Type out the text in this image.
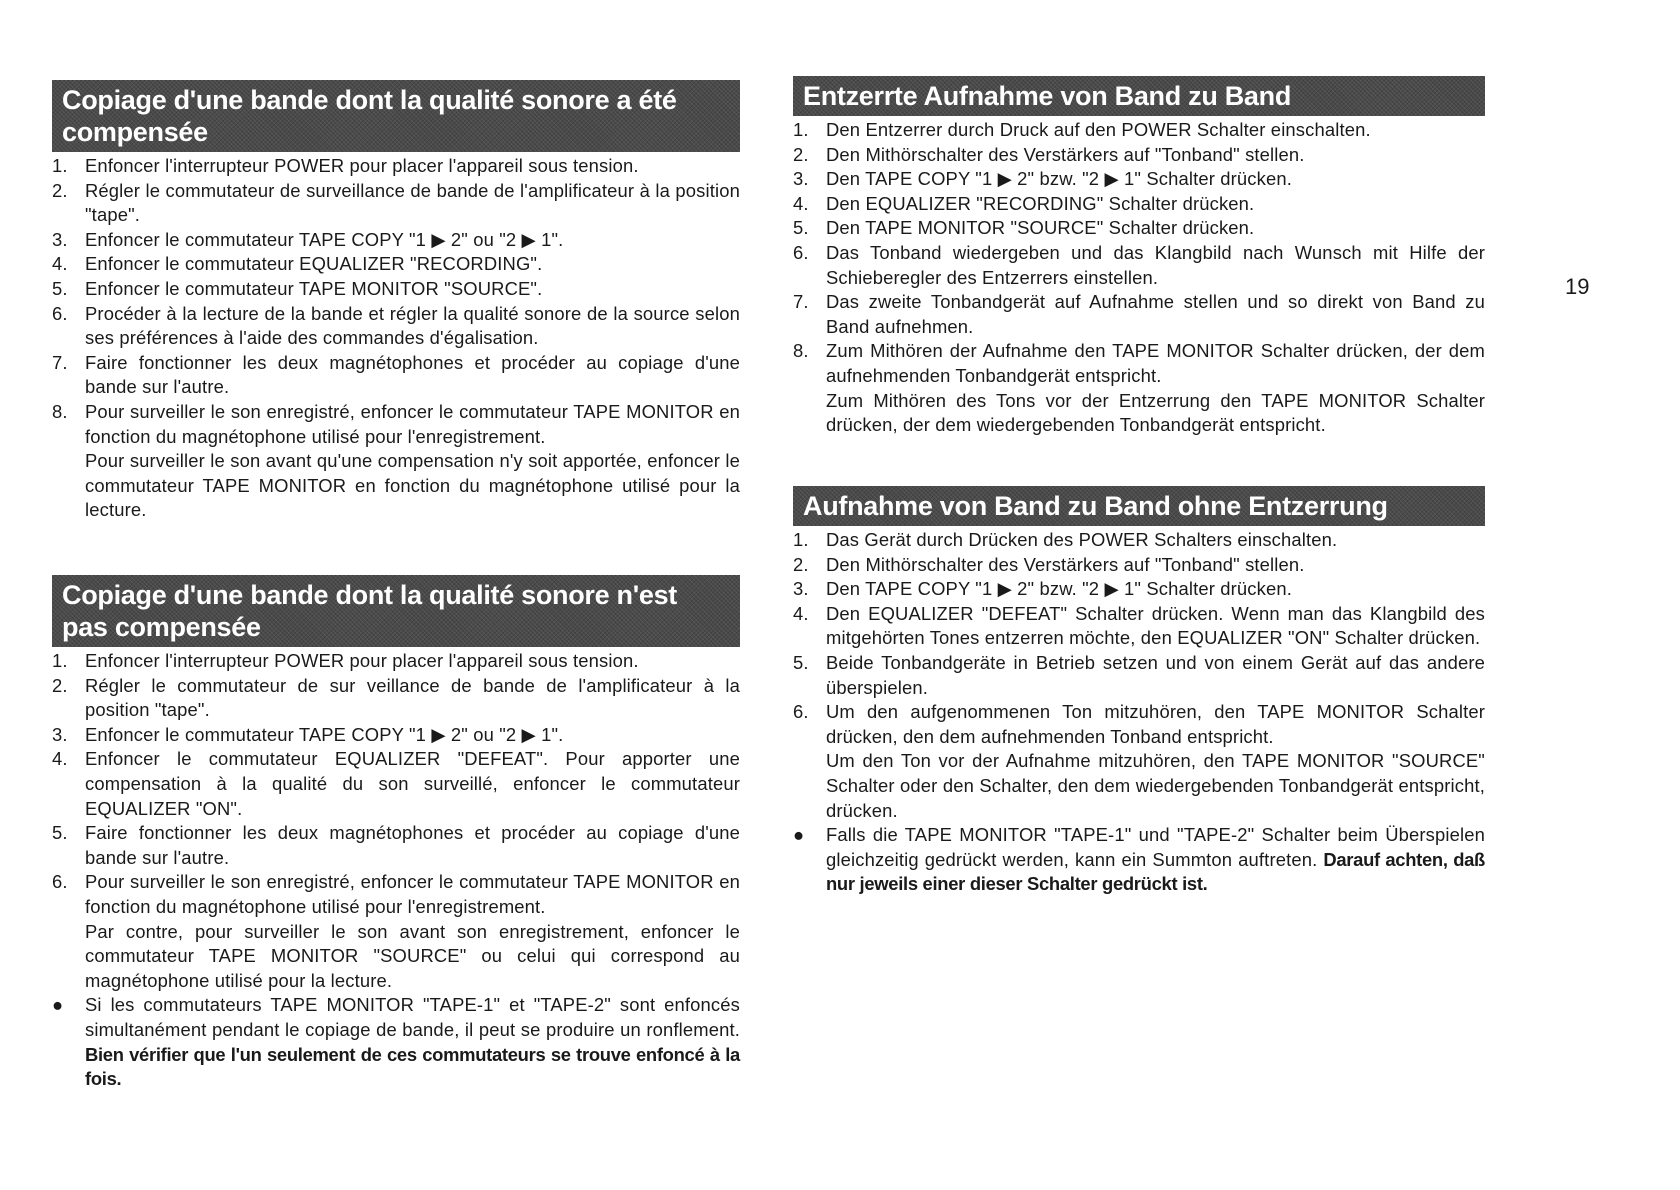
Copiage d'une bande dont la qualité sonore a été compensée
1. Enfoncer l'interrupteur POWER pour placer l'appareil sous tension.
2. Régler le commutateur de surveillance de bande de l'amplificateur à la position "tape".
3. Enfoncer le commutateur TAPE COPY "1 ▶ 2" ou "2 ▶ 1".
4. Enfoncer le commutateur EQUALIZER "RECORDING".
5. Enfoncer le commutateur TAPE MONITOR "SOURCE".
6. Procéder à la lecture de la bande et régler la qualité sonore de la source selon ses préférences à l'aide des commandes d'égalisation.
7. Faire fonctionner les deux magnétophones et procéder au copiage d'une bande sur l'autre.
8. Pour surveiller le son enregistré, enfoncer le commutateur TAPE MONITOR en fonction du magnétophone utilisé pour l'enregistrement.
Pour surveiller le son avant qu'une compensation n'y soit apportée, enfoncer le commutateur TAPE MONITOR en fonction du magnétophone utilisé pour la lecture.
Copiage d'une bande dont la qualité sonore n'est pas compensée
1. Enfoncer l'interrupteur POWER pour placer l'appareil sous tension.
2. Régler le commutateur de sur veillance de bande de l'amplificateur à la position "tape".
3. Enfoncer le commutateur TAPE COPY "1 ▶ 2" ou "2 ▶ 1".
4. Enfoncer le commutateur EQUALIZER "DEFEAT". Pour apporter une compensation à la qualité du son surveillé, enfoncer le commutateur EQUALIZER "ON".
5. Faire fonctionner les deux magnétophones et procéder au copiage d'une bande sur l'autre.
6. Pour surveiller le son enregistré, enfoncer le commutateur TAPE MONITOR en fonction du magnétophone utilisé pour l'enregistrement.
Par contre, pour surveiller le son avant son enregistrement, enfoncer le commutateur TAPE MONITOR "SOURCE" ou celui qui correspond au magnétophone utilisé pour la lecture.
● Si les commutateurs TAPE MONITOR "TAPE-1" et "TAPE-2" sont enfoncés simultanément pendant le copiage de bande, il peut se produire un ronflement. Bien vérifier que l'un seulement de ces commutateurs se trouve enfoncé à la fois.
Entzerrte Aufnahme von Band zu Band
1. Den Entzerrer durch Druck auf den POWER Schalter einschalten.
2. Den Mithörschalter des Verstärkers auf "Tonband" stellen.
3. Den TAPE COPY "1 ▶ 2" bzw. "2 ▶ 1" Schalter drücken.
4. Den EQUALIZER "RECORDING" Schalter drücken.
5. Den TAPE MONITOR "SOURCE" Schalter drücken.
6. Das Tonband wiedergeben und das Klangbild nach Wunsch mit Hilfe der Schieberegler des Entzerrers einstellen.
7. Das zweite Tonbandgerät auf Aufnahme stellen und so direkt von Band zu Band aufnehmen.
8. Zum Mithören der Aufnahme den TAPE MONITOR Schalter drücken, der dem aufnehmenden Tonbandgerät entspricht.
Zum Mithören des Tons vor der Entzerrung den TAPE MONITOR Schalter drücken, der dem wiedergebenden Tonbandgerät entspricht.
Aufnahme von Band zu Band ohne Entzerrung
1. Das Gerät durch Drücken des POWER Schalters einschalten.
2. Den Mithörschalter des Verstärkers auf "Tonband" stellen.
3. Den TAPE COPY "1 ▶ 2" bzw. "2 ▶ 1" Schalter drücken.
4. Den EQUALIZER "DEFEAT" Schalter drücken. Wenn man das Klangbild des mitgehörten Tones entzerren möchte, den EQUALIZER "ON" Schalter drücken.
5. Beide Tonbandgeräte in Betrieb setzen und von einem Gerät auf das andere überspielen.
6. Um den aufgenommenen Ton mitzuhören, den TAPE MONITOR Schalter drücken, den dem aufnehmenden Tonband entspricht.
Um den Ton vor der Aufnahme mitzuhören, den TAPE MONITOR "SOURCE" Schalter oder den Schalter, den dem wiedergebenden Tonbandgerät entspricht, drücken.
● Falls die TAPE MONITOR "TAPE-1" und "TAPE-2" Schalter beim Überspielen gleichzeitig gedrückt werden, kann ein Summton auftreten. Darauf achten, daß nur jeweils einer dieser Schalter gedrückt ist.
19
